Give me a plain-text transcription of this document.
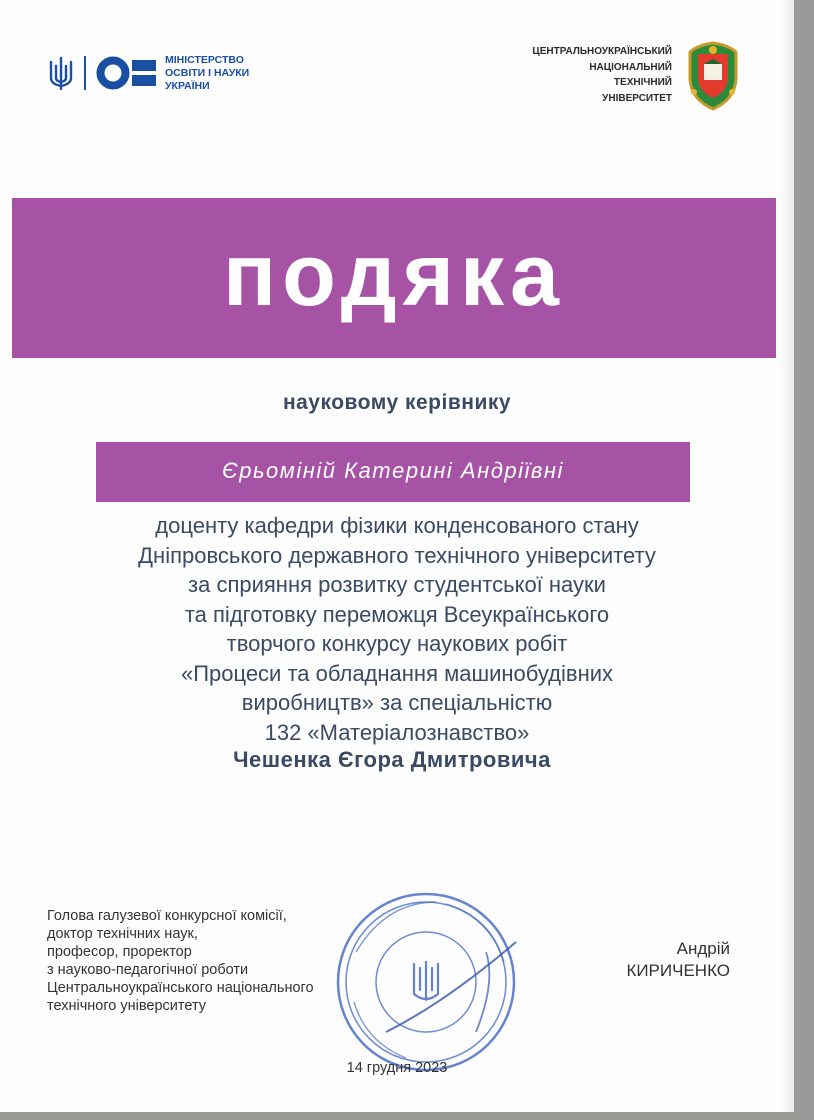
МІНІСТЕРСТВО
ОСВІТИ І НАУКИ
УКРАЇНИ
ЦЕНТРАЛЬНОУКРАЇНСЬКИЙ
НАЦІОНАЛЬНИЙ
ТЕХНІЧНИЙ
УНІВЕРСИТЕТ
подяка
науковому керівнику
Єрьоміній Катерині Андріївні
доценту кафедри фізики конденсованого стану
Дніпровського державного технічного університету
за сприяння розвитку студентської науки
та підготовку переможця Всеукраїнського
творчого конкурсу наукових робіт
«Процеси та обладнання машинобудівних
виробництв» за спеціальністю
132 «Матеріалознавство»
Чешенка Єгора Дмитровича
Голова галузевої конкурсної комісії,
доктор технічних наук,
професор, проректор
з науково-педагогічної роботи
Центральноукраїнського національного
технічного університету
Андрій
КИРИЧЕНКО
14 грудня 2023
